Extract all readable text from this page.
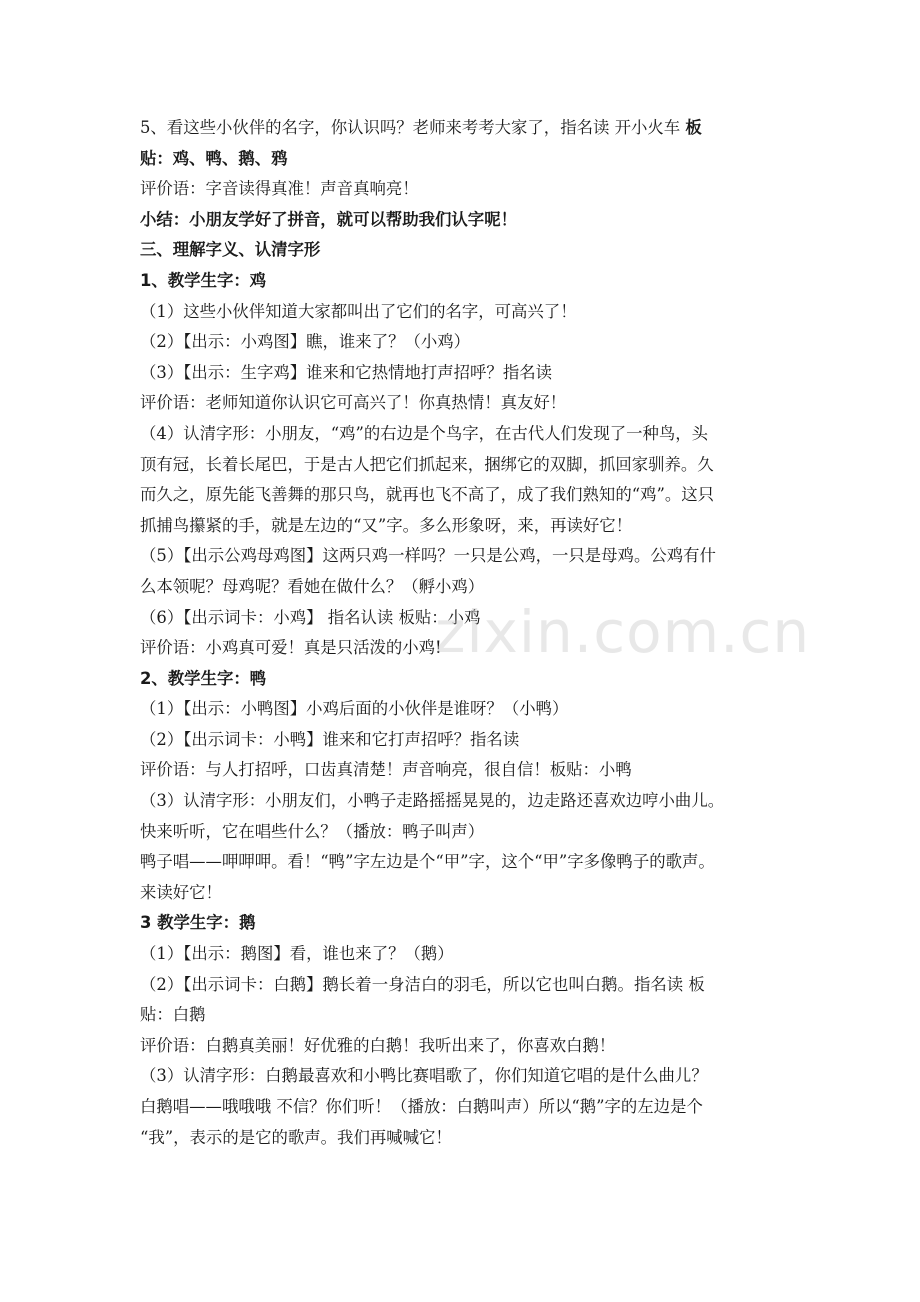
5、看这些小伙伴的名字，你认识吗？老师来考考大家了，指名读 开小火车 板
贴：鸡、鸭、鹅、鸦
评价语：字音读得真准！声音真响亮！
小结：小朋友学好了拼音，就可以帮助我们认字呢！
三、理解字义、认清字形
1、教学生字：鸡
（1）这些小伙伴知道大家都叫出了它们的名字，可高兴了！
（2）【出示：小鸡图】瞧，谁来了？（小鸡）
（3）【出示：生字鸡】谁来和它热情地打声招呼？指名读
评价语：老师知道你认识它可高兴了！你真热情！真友好！
（4）认清字形：小朋友，“鸡”的右边是个鸟字，在古代人们发现了一种鸟，头
顶有冠，长着长尾巴，于是古人把它们抓起来，捆绑它的双脚，抓回家驯养。久
而久之，原先能飞善舞的那只鸟，就再也飞不高了，成了我们熟知的“鸡”。这只
抓捕鸟攥紧的手，就是左边的“又”字。多么形象呀，来，再读好它！
（5）【出示公鸡母鸡图】这两只鸡一样吗？一只是公鸡，一只是母鸡。公鸡有什
么本领呢？母鸡呢？看她在做什么？（孵小鸡）
（6）【出示词卡：小鸡】 指名认读 板贴：小鸡
评价语：小鸡真可爱！真是只活泼的小鸡!
2、教学生字：鸭
（1）【出示：小鸭图】小鸡后面的小伙伴是谁呀？（小鸭）
（2）【出示词卡：小鸭】谁来和它打声招呼？指名读
评价语：与人打招呼，口齿真清楚！声音响亮，很自信！板贴：小鸭
（3）认清字形：小朋友们，小鸭子走路摇摇晃晃的，边走路还喜欢边哼小曲儿。
快来听听，它在唱些什么？（播放：鸭子叫声）
鸭子唱——呷呷呷。看！“鸭”字左边是个“甲”字，这个“甲”字多像鸭子的歌声。
来读好它！
3 教学生字：鹅
（1）【出示：鹅图】看，谁也来了？（鹅）
（2）【出示词卡：白鹅】鹅长着一身洁白的羽毛，所以它也叫白鹅。指名读 板
贴：白鹅
评价语：白鹅真美丽！好优雅的白鹅！我听出来了，你喜欢白鹅！
（3）认清字形：白鹅最喜欢和小鸭比赛唱歌了，你们知道它唱的是什么曲儿？
白鹅唱——哦哦哦 不信？你们听！（播放：白鹅叫声）所以“鹅”字的左边是个
“我”，表示的是它的歌声。我们再喊喊它！
zixin.com.cn
